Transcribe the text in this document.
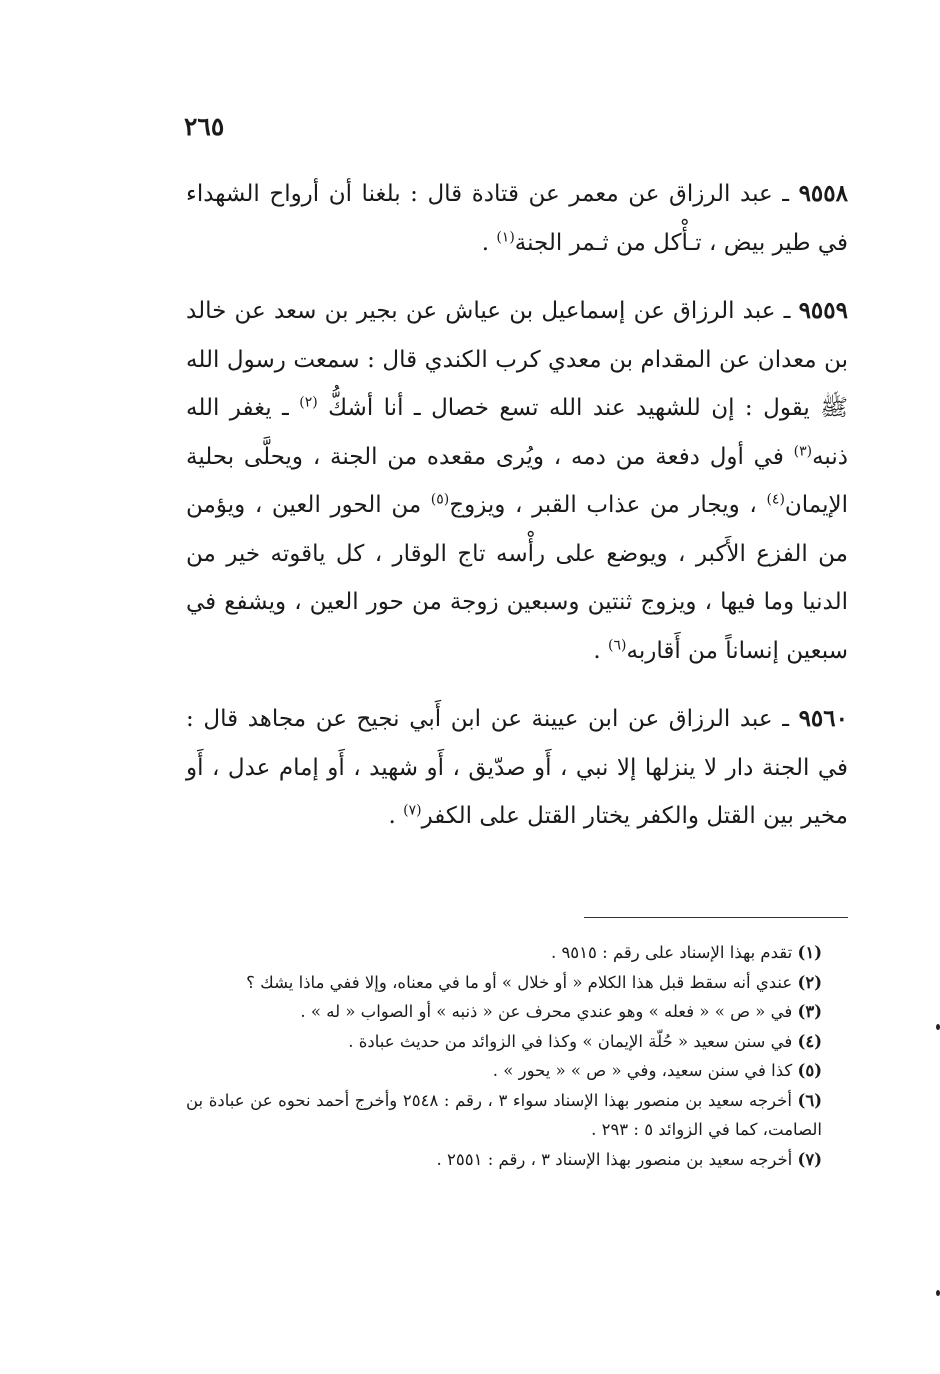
٢٦٥

٩٥٥٨ ـ عبد الرزاق عن معمر عن قتادة قال : بلغنا أن أرواح الشهداء في طير بيض ، تـأْكل من ثـمر الجنة$^{(١)}$ .

٩٥٥٩ ـ عبد الرزاق عن إسماعيل بن عياش عن بجير بن سعد عن خالد بن معدان عن المقدام بن معدي كرب الكندي قال : سمعت رسول الله ﷺ يقول : إن للشهيد عند الله تسع خصال ـ أنا أشكُّ $^{(٢)}$ ـ يغفر الله ذنبه$^{(٣)}$ في أول دفعة من دمه ، ويُرى مقعده من الجنة ، ويحلَّى بحلية الإيمان$^{(٤)}$ ، ويجار من عذاب القبر ، ويزوج$^{(٥)}$ من الحور العين ، ويؤمن من الفزع الأَكبر ، ويوضع على رأْسه تاج الوقار ، كل ياقوته خير من الدنيا وما فيها ، ويزوج ثنتين وسبعين زوجة من حور العين ، ويشفع في سبعين إنساناً من أَقاربه$^{(٦)}$ .

٩٥٦٠ ـ عبد الرزاق عن ابن عيينة عن ابن أَبي نجيح عن مجاهد قال : في الجنة دار لا ينزلها إلا نبي ، أَو صدّيق ، أَو شهيد ، أَو إمام عدل ، أَو مخير بين القتل والكفر يختار القتل على الكفر$^{(٧)}$ .

(١) تقدم بهذا الإسناد على رقم : ٩٥١٥ .
(٢) عندي أنه سقط قبل هذا الكلام « أو خلال » أو ما في معناه، وإلا ففي ماذا يشك ؟
(٣) في « ص » « فعله » وهو عندي محرف عن « ذنبه » أو الصواب « له » .
(٤) في سنن سعيد « حُلّة الإيمان » وكذا في الزوائد من حديث عبادة .
(٥) كذا في سنن سعيد، وفي « ص » « يحور » .
(٦) أخرجه سعيد بن منصور بهذا الإسناد سواء ٣ ، رقم : ٢٥٤٨ وأخرج أحمد نحوه عن عبادة بن الصامت، كما في الزوائد ٥ : ٢٩٣ .
(٧) أخرجه سعيد بن منصور بهذا الإسناد ٣ ، رقم : ٢٥٥١ .
